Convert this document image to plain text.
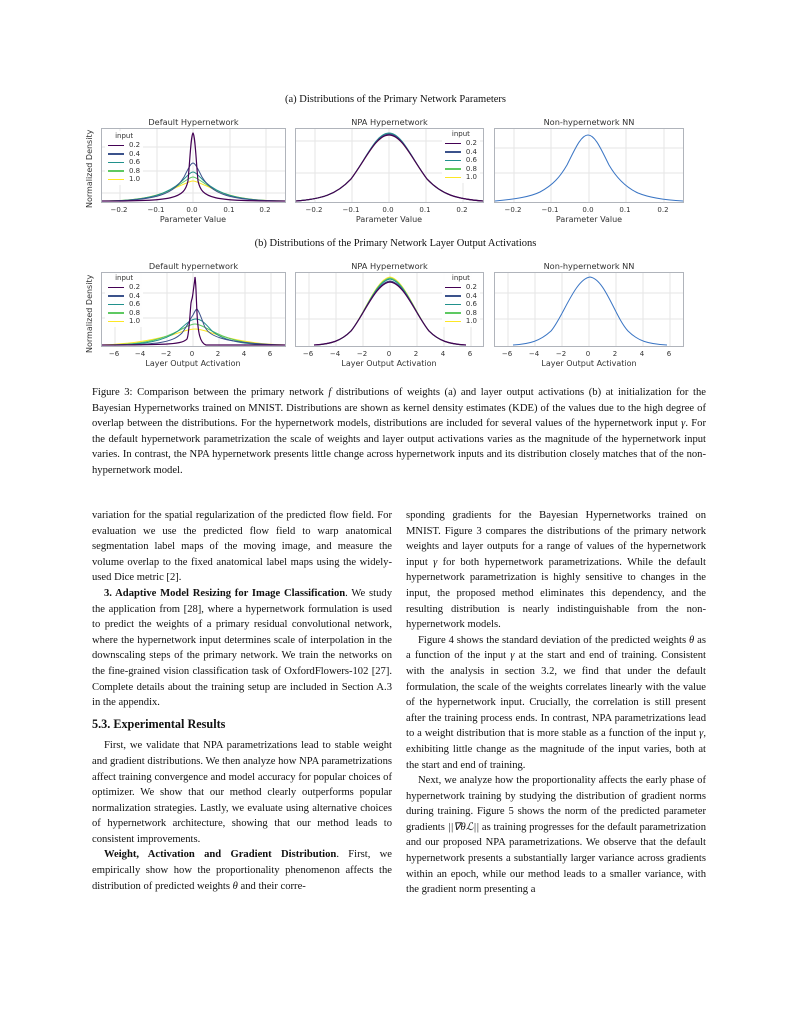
(a) Distributions of the Primary Network Parameters
(b) Distributions of the Primary Network Layer Output Activations
Normalized Density
Normalized Density
Default Hypernetwork	NPA Hypernetwork	Non-hypernetwork NN
Default hypernetwork	NPA Hypernetwork	Non-hypernetwork NN
input
0.2
0.4
0.6
0.8
1.0
input
0.2
0.4
0.6
0.8
1.0
−0.2	−0.1	0.0	0.1	0.2	−0.2	−0.1	0.0	0.1	0.2	−0.2	−0.1	0.0	0.1	0.2
Parameter Value	Parameter Value	Parameter Value
input
0.2
0.4
0.6
0.8
1.0
input
0.2
0.4
0.6
0.8
1.0
−6 −4 −2	0	2	4	6	−6 −4 −2	0	2	4	6	−6 −4 −2	0	2	4	6
Layer Output Activation	Layer Output Activation	Layer Output Activation
Figure 3: Comparison between the primary network f distributions of weights (a) and layer output activations (b) at initialization for the Bayesian Hypernetworks trained on MNIST. Distributions are shown as kernel density estimates (KDE) of the values due to the high degree of overlap between the distributions. For the hypernetwork models, distributions are included for several values of the hypernetwork input γ. For the default hypernetwork parametrization the scale of weights and layer output activations varies as the magnitude of the hypernetwork input varies. In contrast, the NPA hypernetwork presents little change across hypernetwork inputs and its distribution closely matches that of the non-hypernetwork model.

variation for the spatial regularization of the predicted flow field. For evaluation we use the predicted flow field to warp anatomical segmentation label maps of the moving image, and measure the volume overlap to the fixed anatomical label maps using the widely-used Dice metric [2].

3. Adaptive Model Resizing for Image Classification. We study the application from [28], where a hypernetwork formulation is used to predict the weights of a primary residual convolutional network, where the hypernetwork input determines scale of interpolation in the downscaling steps of the primary network. We train the networks on the fine-grained vision classification task of OxfordFlowers-102 [27]. Complete details about the training setup are included in Section A.3 in the appendix.

5.3. Experimental Results

First, we validate that NPA parametrizations lead to stable weight and gradient distributions. We then analyze how NPA parametrizations affect training convergence and model accuracy for popular choices of optimizer. We show that our method clearly outperforms popular normalization strategies. Lastly, we evaluate using alternative choices of hypernetwork architecture, showing that our method leads to consistent improvements.

Weight, Activation and Gradient Distribution. First, we empirically show how the proportionality phenomenon affects the distribution of predicted weights θ and their corre-

sponding gradients for the Bayesian Hypernetworks trained on MNIST. Figure 3 compares the distributions of the primary network weights and layer outputs for a range of values of the hypernetwork input γ for both hypernetwork parametrizations. While the default hypernetwork parametrization is highly sensitive to changes in the input, the proposed method eliminates this dependency, and the resulting distribution is nearly indistinguishable from the non-hypernetwork models.

Figure 4 shows the standard deviation of the predicted weights θ as a function of the input γ at the start and end of training. Consistent with the analysis in section 3.2, we find that under the default formulation, the scale of the weights correlates linearly with the value of the hypernetwork input. Crucially, the correlation is still present after the training process ends. In contrast, NPA parametrizations lead to a weight distribution that is more stable as a function of the input γ, exhibiting little change as the magnitude of the input varies, both at the start and end of training.

Next, we analyze how the proportionality affects the early phase of hypernetwork training by studying the distribution of gradient norms during training. Figure 5 shows the norm of the predicted parameter gradients ||∇θℒ|| as training progresses for the default parametrization and our proposed NPA parametrizations. We observe that the default hypernetwork presents a substantially larger variance across gradients within an epoch, while our method leads to a smaller variance, with the gradient norm presenting a
